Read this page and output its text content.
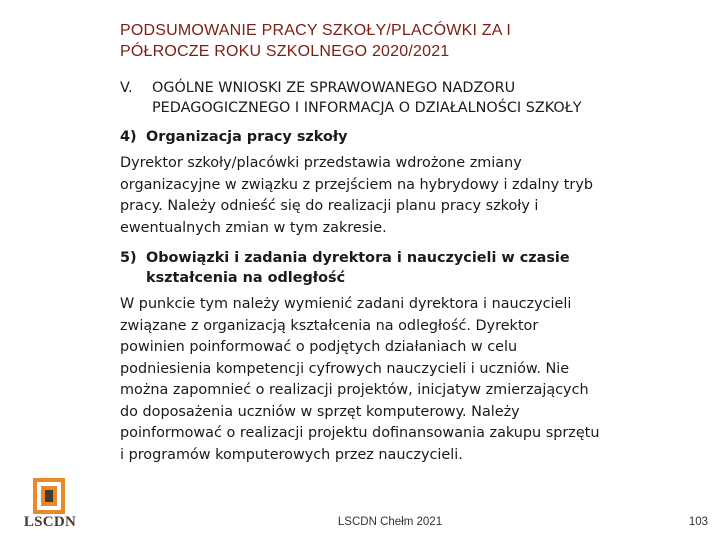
PODSUMOWANIE PRACY SZKOŁY/PLACÓWKI ZA I
PÓŁROCZE ROKU SZKOLNEGO 2020/2021
V. OGÓLNE WNIOSKI ZE SPRAWOWANEGO NADZORU
PEDAGOGICZNEGO I INFORMACJA O DZIAŁALNOŚCI SZKOŁY
4) Organizacja pracy szkoły
Dyrektor szkoły/placówki przedstawia wdrożone zmiany
organizacyjne w związku z przejściem na hybrydowy i zdalny tryb
pracy. Należy odnieść się do realizacji planu pracy szkoły i
ewentualnych zmian w tym zakresie.
5) Obowiązki i zadania dyrektora i nauczycieli w czasie
kształcenia na odległość
W punkcie tym należy wymienić zadani dyrektora i nauczycieli
związane z organizacją kształcenia na odległość. Dyrektor
powinien poinformować o podjętych działaniach w celu
podniesienia kompetencji cyfrowych nauczycieli i uczniów. Nie
można zapomnieć o realizacji projektów, inicjatyw zmierzających
do doposażenia uczniów w sprzęt komputerowy. Należy
poinformować o realizacji projektu dofinansowania zakupu sprzętu
i programów komputerowych przez nauczycieli.
LSCDN	LSCDN Chełm 2021	103
